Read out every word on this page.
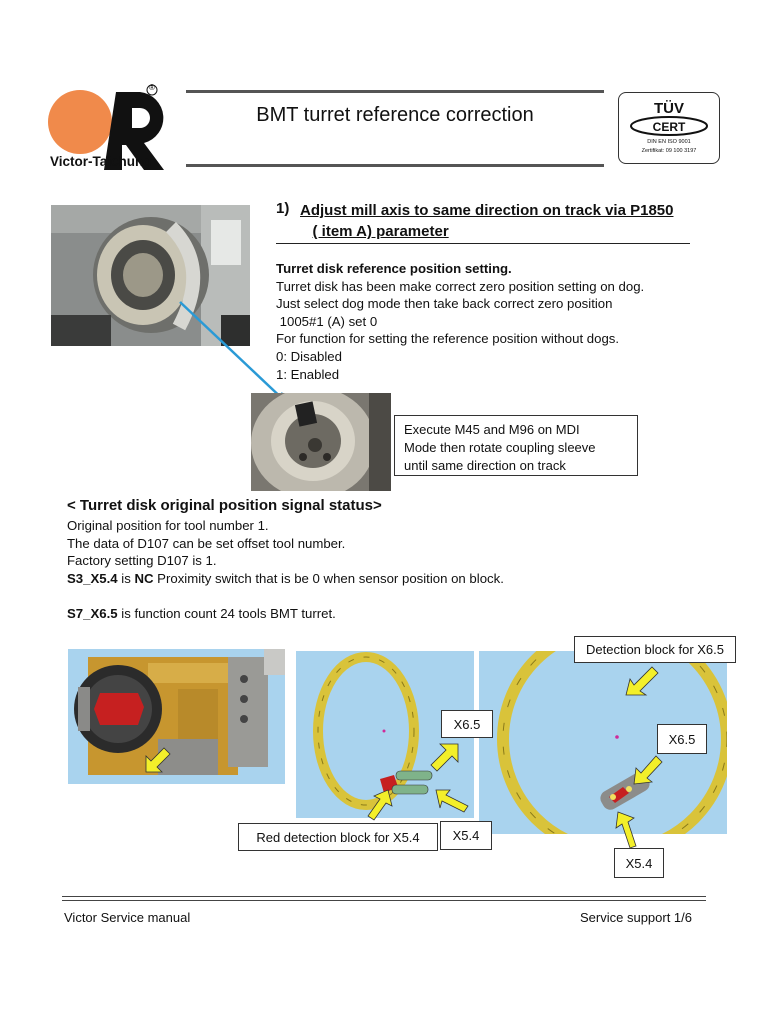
®
Victor-Taichung
BMT turret reference correction	TÜV
CERT
DIN EN ISO 9001
Zertifikat: 09 100 3197
1) Adjust mill axis to same direction on track via P1850
( item A) parameter
Turret disk reference position setting.
Turret disk has been make correct zero position setting on dog.
Just select dog mode then take back correct zero position
1005#1 (A) set 0
For function for setting the reference position without dogs.
0: Disabled
1: Enabled
Execute M45 and M96 on MDI
Mode then rotate coupling sleeve
until same direction on track
< Turret disk original position signal status>
Original position for tool number 1.
The data of D107 can be set offset tool number.
Factory setting D107 is 1.
S3_X5.4 is NC Proximity switch that is be 0 when sensor position on block.
S7_X6.5 is function count 24 tools BMT turret.
Detection block for X6.5
X6.5
X6.5
X5.4
Red detection block for X5.4
X5.4
Victor Service manual	Service support 1/6
